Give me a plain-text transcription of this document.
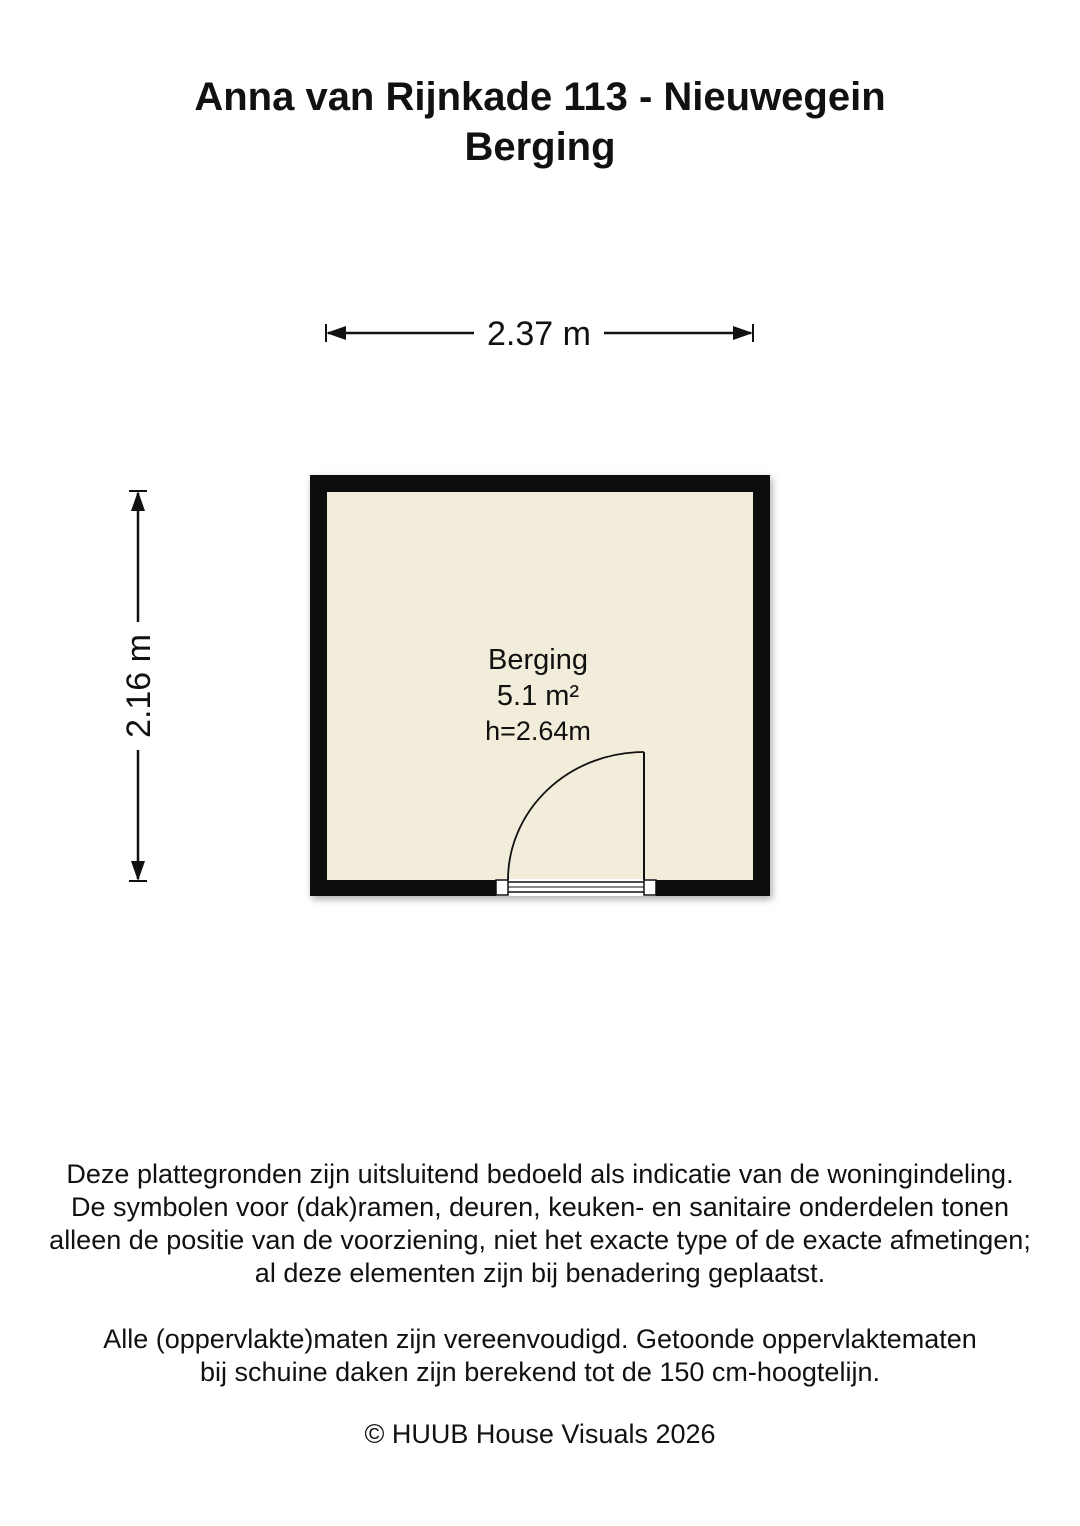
Anna van Rijnkade 113 - Nieuwegein
Berging
2.37 m
2.16 m	Berging
5.1 m²
h=2.64m

Deze plattegronden zijn uitsluitend bedoeld als indicatie van de woningindeling.
De symbolen voor (dak)ramen, deuren, keuken- en sanitaire onderdelen tonen
alleen de positie van de voorziening, niet het exacte type of de exacte afmetingen;
al deze elementen zijn bij benadering geplaatst.

Alle (oppervlakte)maten zijn vereenvoudigd. Getoonde oppervlaktematen
bij schuine daken zijn berekend tot de 150 cm-hoogtelijn.

© HUUB House Visuals 2026
